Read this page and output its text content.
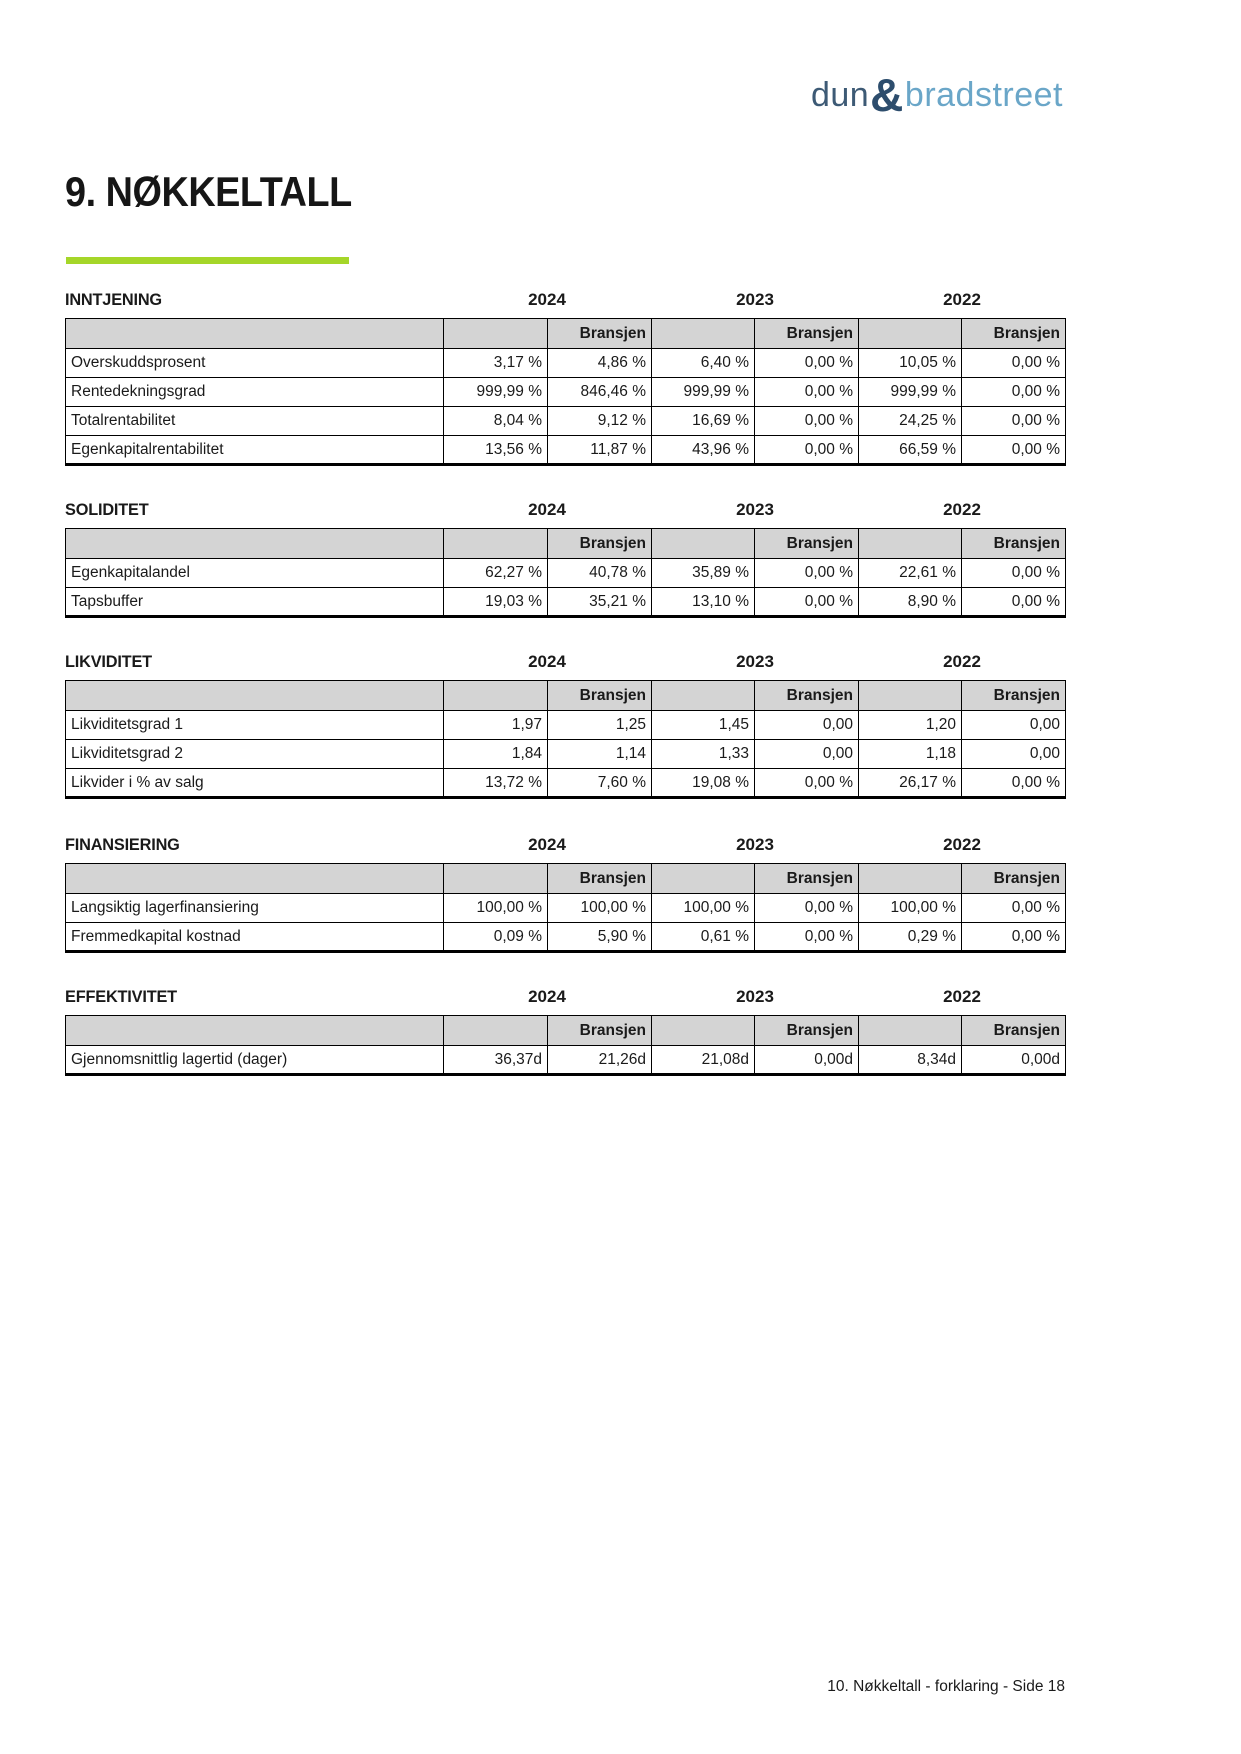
dun&bradstreet
9. NØKKELTALL
INNTJENING	2024	2023	2022
		Bransjen		Bransjen		Bransjen
Overskuddsprosent	3,17 %	4,86 %	6,40 %	0,00 %	10,05 %	0,00 %
Rentedekningsgrad	999,99 %	846,46 %	999,99 %	0,00 %	999,99 %	0,00 %
Totalrentabilitet	8,04 %	9,12 %	16,69 %	0,00 %	24,25 %	0,00 %
Egenkapitalrentabilitet	13,56 %	11,87 %	43,96 %	0,00 %	66,59 %	0,00 %
SOLIDITET	2024	2023	2022
		Bransjen		Bransjen		Bransjen
Egenkapitalandel	62,27 %	40,78 %	35,89 %	0,00 %	22,61 %	0,00 %
Tapsbuffer	19,03 %	35,21 %	13,10 %	0,00 %	8,90 %	0,00 %
LIKVIDITET	2024	2023	2022
		Bransjen		Bransjen		Bransjen
Likviditetsgrad 1	1,97	1,25	1,45	0,00	1,20	0,00
Likviditetsgrad 2	1,84	1,14	1,33	0,00	1,18	0,00
Likvider i % av salg	13,72 %	7,60 %	19,08 %	0,00 %	26,17 %	0,00 %
FINANSIERING	2024	2023	2022
		Bransjen		Bransjen		Bransjen
Langsiktig lagerfinansiering	100,00 %	100,00 %	100,00 %	0,00 %	100,00 %	0,00 %
Fremmedkapital kostnad	0,09 %	5,90 %	0,61 %	0,00 %	0,29 %	0,00 %
EFFEKTIVITET	2024	2023	2022
		Bransjen		Bransjen		Bransjen
Gjennomsnittlig lagertid (dager)	36,37d	21,26d	21,08d	0,00d	8,34d	0,00d
10. Nøkkeltall - forklaring - Side 18
